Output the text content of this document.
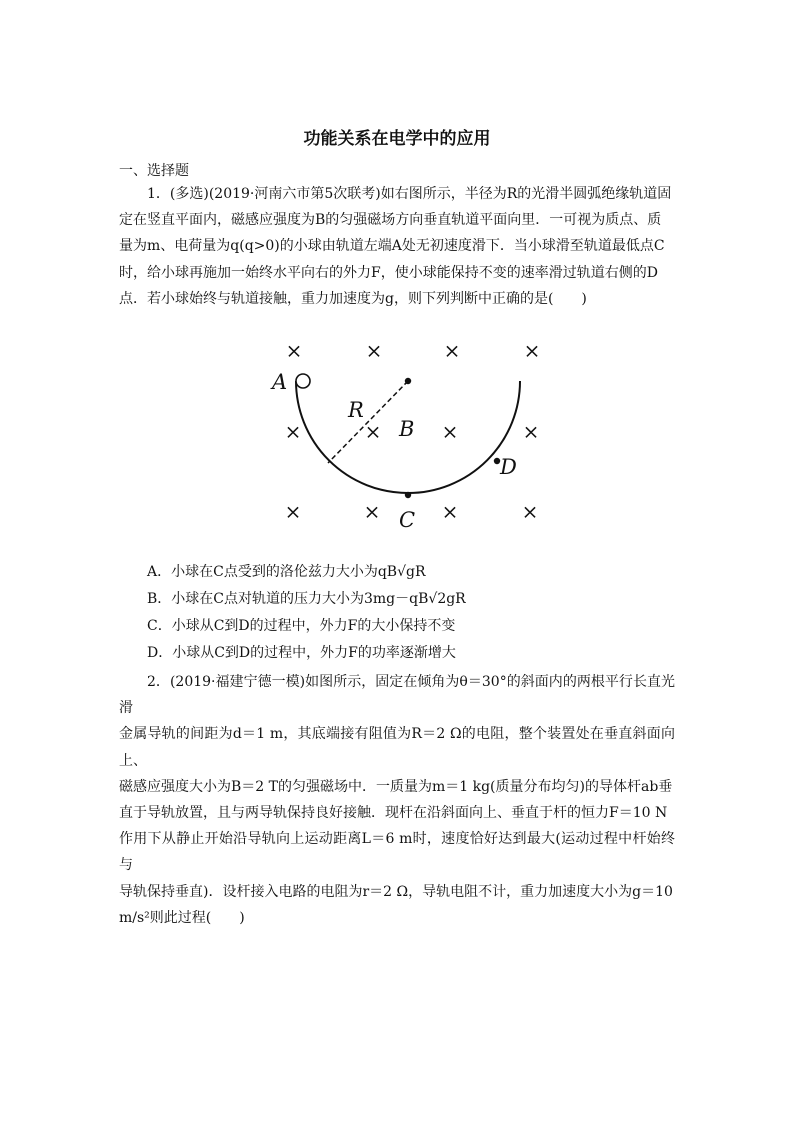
功能关系在电学中的应用
一、选择题
1．(多选)(2019·河南六市第5次联考)如右图所示，半径为R的光滑半圆弧绝缘轨道固
定在竖直平面内，磁感应强度为B的匀强磁场方向垂直轨道平面向里．一可视为质点、质
量为m、电荷量为q(q>0)的小球由轨道左端A处无初速度滑下．当小球滑至轨道最低点C
时，给小球再施加一始终水平向右的外力F，使小球能保持不变的速率滑过轨道右侧的D
点．若小球始终与轨道接触，重力加速度为g，则下列判断中正确的是(　　)
×	×	×	×
×	×	×	×
×	×	×	×
A
R
B
C
D
A．小球在C点受到的洛伦兹力大小为qB√gR
B．小球在C点对轨道的压力大小为3mg－qB√2gR
C．小球从C到D的过程中，外力F的大小保持不变
D．小球从C到D的过程中，外力F的功率逐渐增大
2．(2019·福建宁德一模)如图所示，固定在倾角为θ＝30°的斜面内的两根平行长直光滑
金属导轨的间距为d＝1 m，其底端接有阻值为R＝2 Ω的电阻，整个装置处在垂直斜面向上、
磁感应强度大小为B＝2 T的匀强磁场中．一质量为m＝1 kg(质量分布均匀)的导体杆ab垂
直于导轨放置，且与两导轨保持良好接触．现杆在沿斜面向上、垂直于杆的恒力F＝10 N
作用下从静止开始沿导轨向上运动距离L＝6 m时，速度恰好达到最大(运动过程中杆始终与
导轨保持垂直)．设杆接入电路的电阻为r＝2 Ω，导轨电阻不计，重力加速度大小为g＝10
m/s²则此过程(　　)
